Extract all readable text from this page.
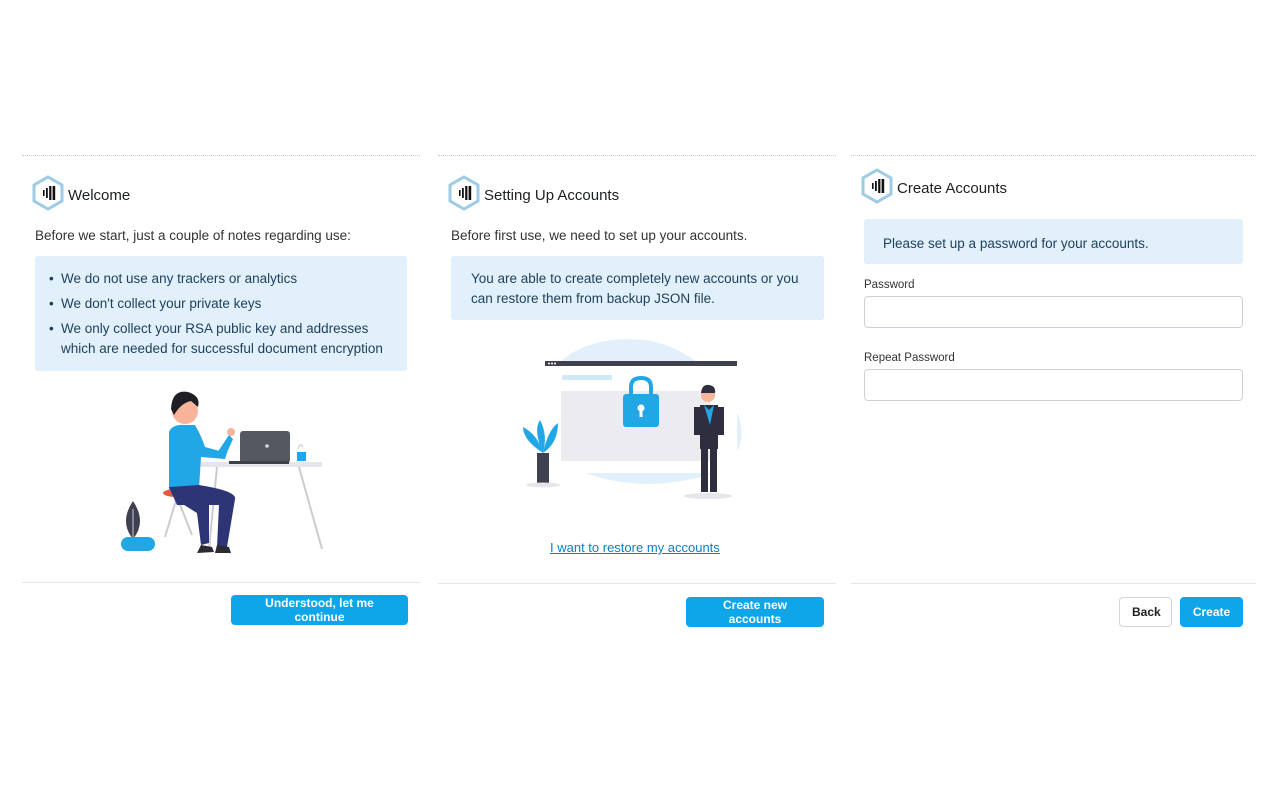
Welcome
Before we start, just a couple of notes regarding use:
• We do not use any trackers or analytics
• We don't collect your private keys
• We only collect your RSA public key and addresses which are needed for successful document encryption
Understood, let me continue
Setting Up Accounts
Before first use, we need to set up your accounts.
You are able to create completely new accounts or you can restore them from backup JSON file.
I want to restore my accounts
Create new accounts
Create Accounts
Please set up a password for your accounts.
Password
Repeat Password
Back	Create
